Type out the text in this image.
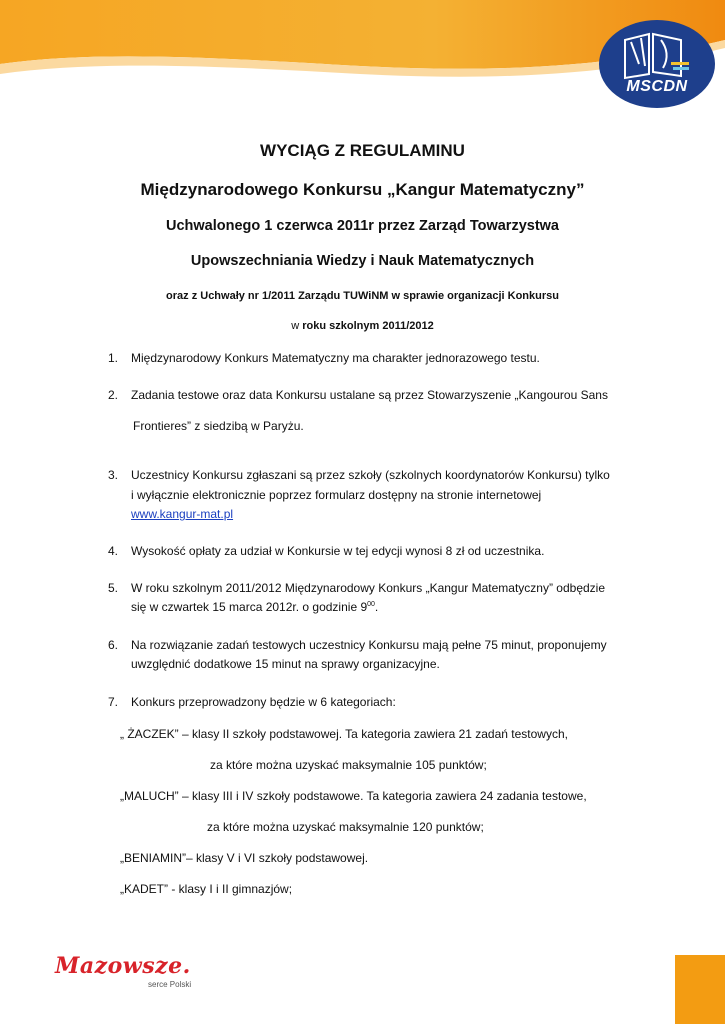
MSCDN
WYCIĄG Z REGULAMINU
Międzynarodowego Konkursu „Kangur Matematyczny”
Uchwalonego 1 czerwca 2011r przez Zarząd Towarzystwa
Upowszechniania Wiedzy i Nauk Matematycznych
oraz z Uchwały nr 1/2011 Zarządu TUWiNM w sprawie organizacji Konkursu
w roku szkolnym 2011/2012
1. Międzynarodowy Konkurs Matematyczny ma charakter jednorazowego testu.
2. Zadania testowe oraz data Konkursu ustalane są przez Stowarzyszenie „Kangourou Sans
Frontieres” z siedzibą w Paryżu.
3. Uczestnicy Konkursu zgłaszani są przez szkoły (szkolnych koordynatorów Konkursu) tylko
i wyłącznie elektronicznie poprzez formularz dostępny na stronie internetowej
www.kangur-mat.pl
4. Wysokość opłaty za udział w Konkursie w tej edycji wynosi 8 zł od uczestnika.
5. W roku szkolnym 2011/2012 Międzynarodowy Konkurs „Kangur Matematyczny” odbędzie
się w czwartek 15 marca 2012r. o godzinie $9^{00}$.
6. Na rozwiązanie zadań testowych uczestnicy Konkursu mają pełne 75 minut, proponujemy
uwzględnić dodatkowe 15 minut na sprawy organizacyjne.
7. Konkurs przeprowadzony będzie w 6 kategoriach:
„ ŻACZEK” – klasy II szkoły podstawowej. Ta kategoria zawiera 21 zadań testowych,
za które można uzyskać maksymalnie 105 punktów;
„MALUCH” – klasy III i IV szkoły podstawowe. Ta kategoria zawiera 24 zadania testowe,
za które można uzyskać maksymalnie 120 punktów;
„BENIAMIN”– klasy V i VI szkoły podstawowej.
„KADET” - klasy I i II gimnazjów;
Mazowsze.
serce Polski
